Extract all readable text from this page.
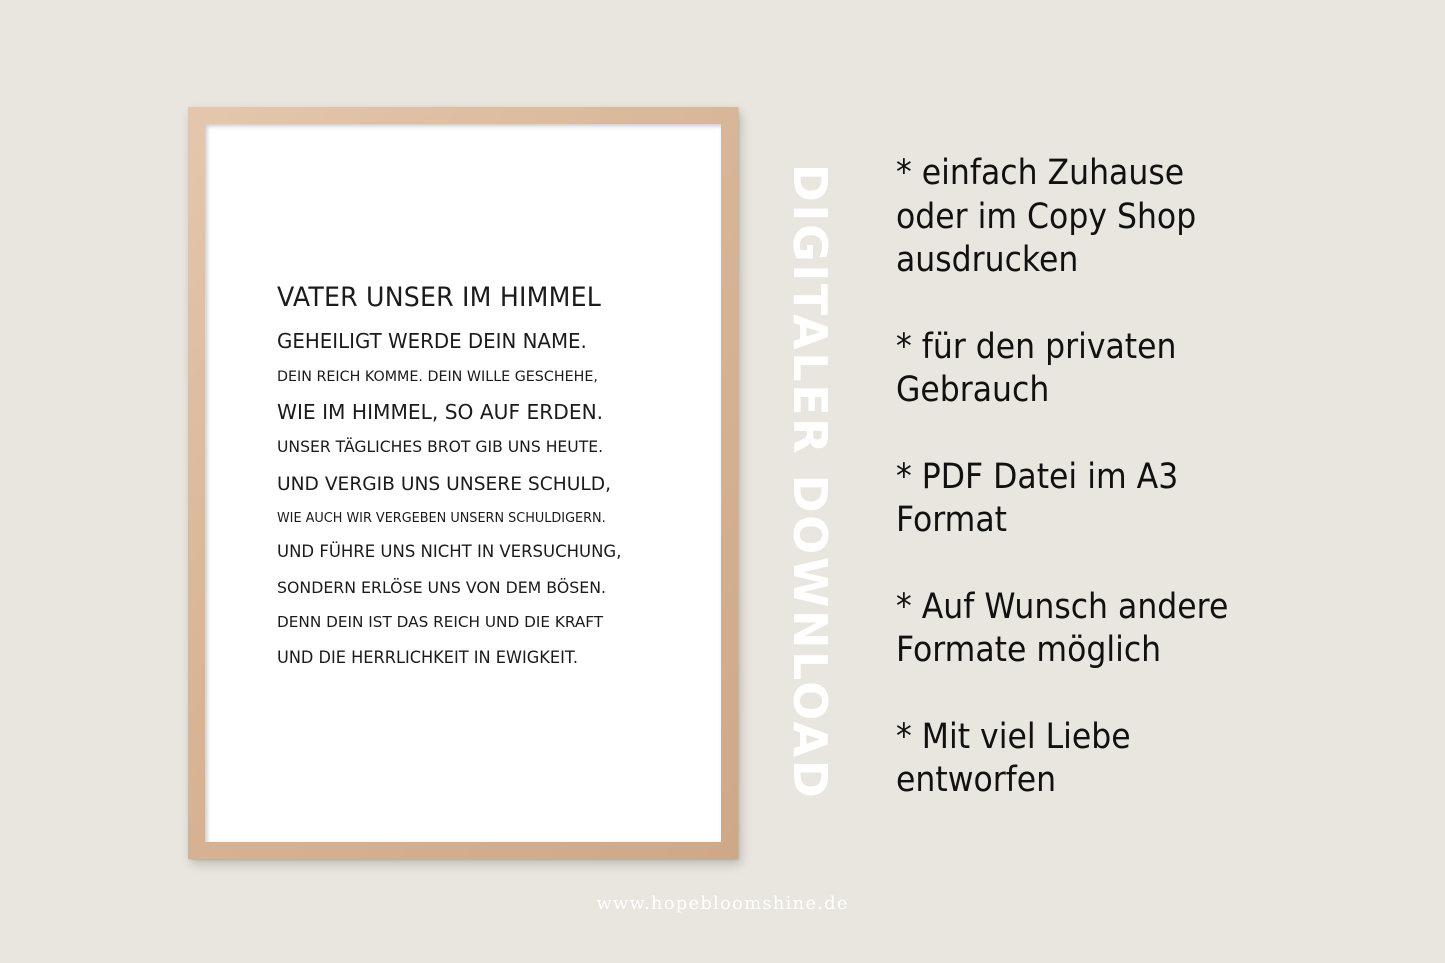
VATER UNSER IM HIMMEL
GEHEILIGT WERDE DEIN NAME.
DEIN REICH KOMME. DEIN WILLE GESCHEHE,
WIE IM HIMMEL, SO AUF ERDEN.
UNSER TÄGLICHES BROT GIB UNS HEUTE.
UND VERGIB UNS UNSERE SCHULD,
WIE AUCH WIR VERGEBEN UNSERN SCHULDIGERN.
UND FÜHRE UNS NICHT IN VERSUCHUNG,
SONDERN ERLÖSE UNS VON DEM BÖSEN.
DENN DEIN IST DAS REICH UND DIE KRAFT
UND DIE HERRLICHKEIT IN EWIGKEIT.	DIGITALER DOWNLOAD * einfach Zuhause
oder im Copy Shop
ausdrucken
* für den privaten
Gebrauch
* PDF Datei im A3
Format
* Auf Wunsch andere
Formate möglich
* Mit viel Liebe
entworfen
www.hopebloomshine.de
